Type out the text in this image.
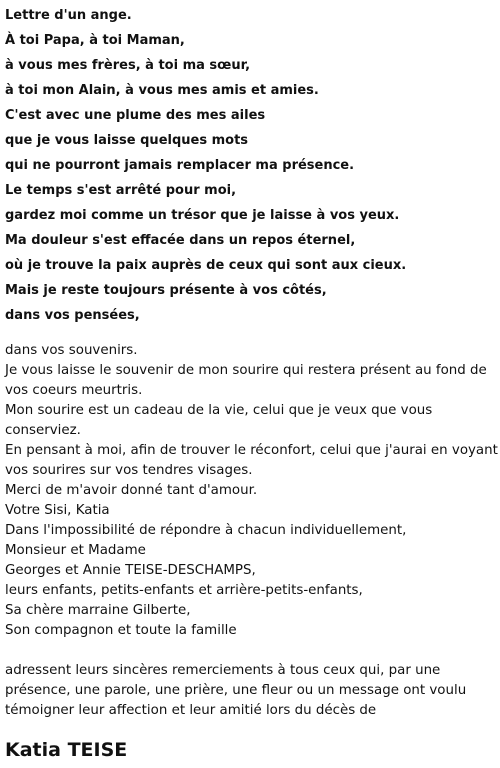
Lettre d'un ange.
À toi Papa, à toi Maman,
à vous mes frères, à toi ma sœur,
à toi mon Alain, à vous mes amis et amies.
C'est avec une plume des mes ailes
que je vous laisse quelques mots
qui ne pourront jamais remplacer ma présence.
Le temps s'est arrêté pour moi,
gardez moi comme un trésor que je laisse à vos yeux.
Ma douleur s'est effacée dans un repos éternel,
où je trouve la paix auprès de ceux qui sont aux cieux.
Mais je reste toujours présente à vos côtés,
dans vos pensées,
dans vos souvenirs.
Je vous laisse le souvenir de mon sourire qui restera présent au fond de
vos coeurs meurtris.
Mon sourire est un cadeau de la vie, celui que je veux que vous
conserviez.
En pensant à moi, afin de trouver le réconfort, celui que j'aurai en voyant
vos sourires sur vos tendres visages.
Merci de m'avoir donné tant d'amour.
Votre Sisi, Katia
Dans l'impossibilité de répondre à chacun individuellement,
Monsieur et Madame
Georges et Annie TEISE-DESCHAMPS,
leurs enfants, petits-enfants et arrière-petits-enfants,
Sa chère marraine Gilberte,
Son compagnon et toute la famille
adressent leurs sincères remerciements à tous ceux qui, par une
présence, une parole, une prière, une fleur ou un message ont voulu
témoigner leur affection et leur amitié lors du décès de
Katia TEISE
